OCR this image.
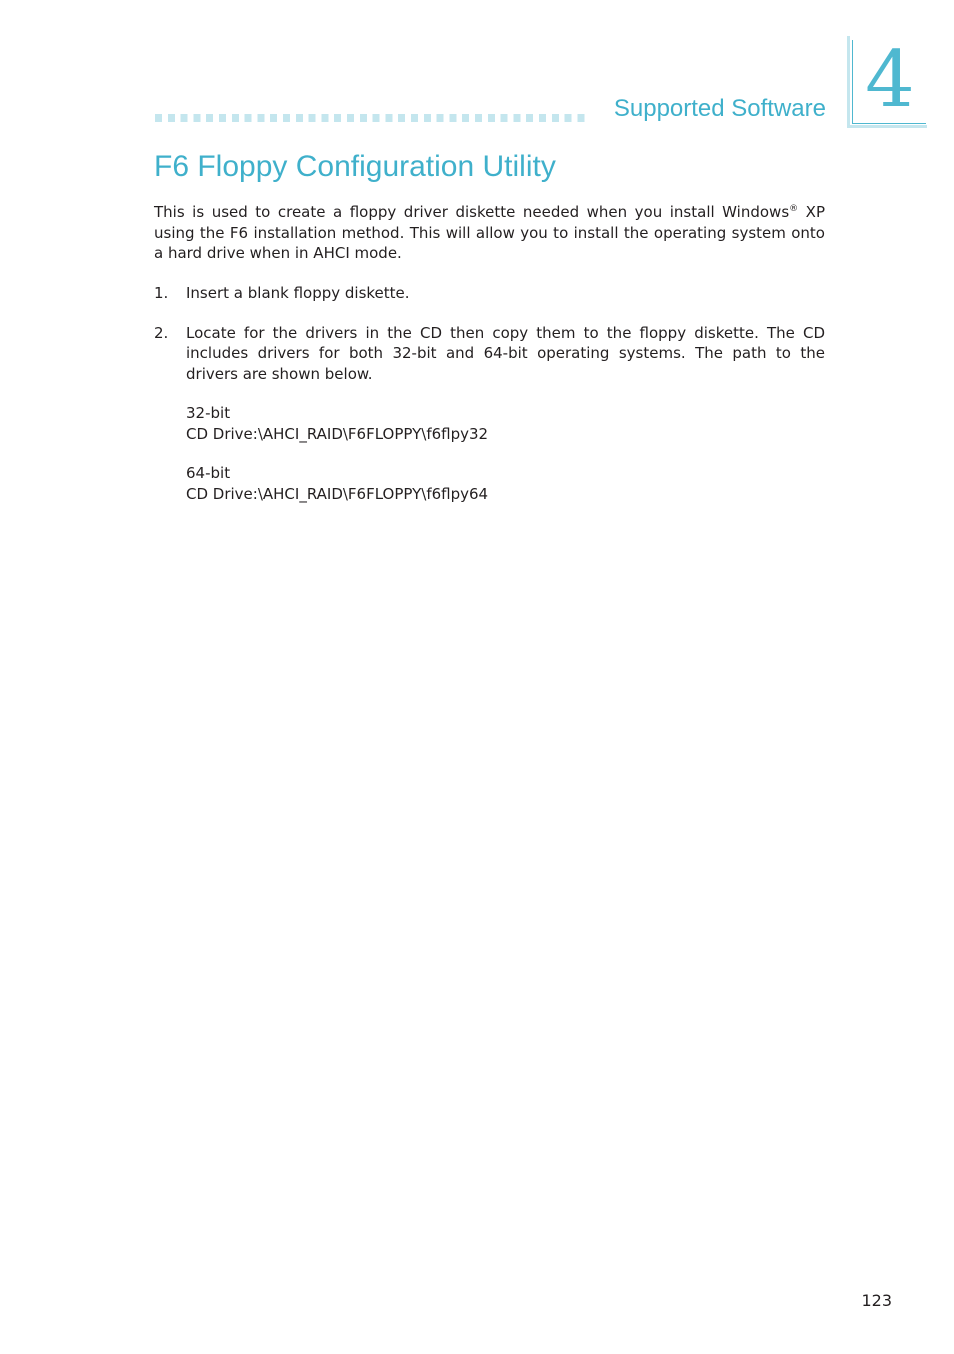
4
Supported Software
F6 Floppy Configuration Utility

This is used to create a floppy driver diskette needed when you install Windows® XP using the F6 installation method. This will allow you to install the operating system onto a hard drive when in AHCI mode.

1. Insert a blank floppy diskette.
2. Locate for the drivers in the CD then copy them to the floppy diskette. The CD includes drivers for both 32-bit and 64-bit operating systems. The path to the drivers are shown below.
32-bit
CD Drive:\AHCI_RAID\F6FLOPPY\f6flpy32
64-bit
CD Drive:\AHCI_RAID\F6FLOPPY\f6flpy64
123
